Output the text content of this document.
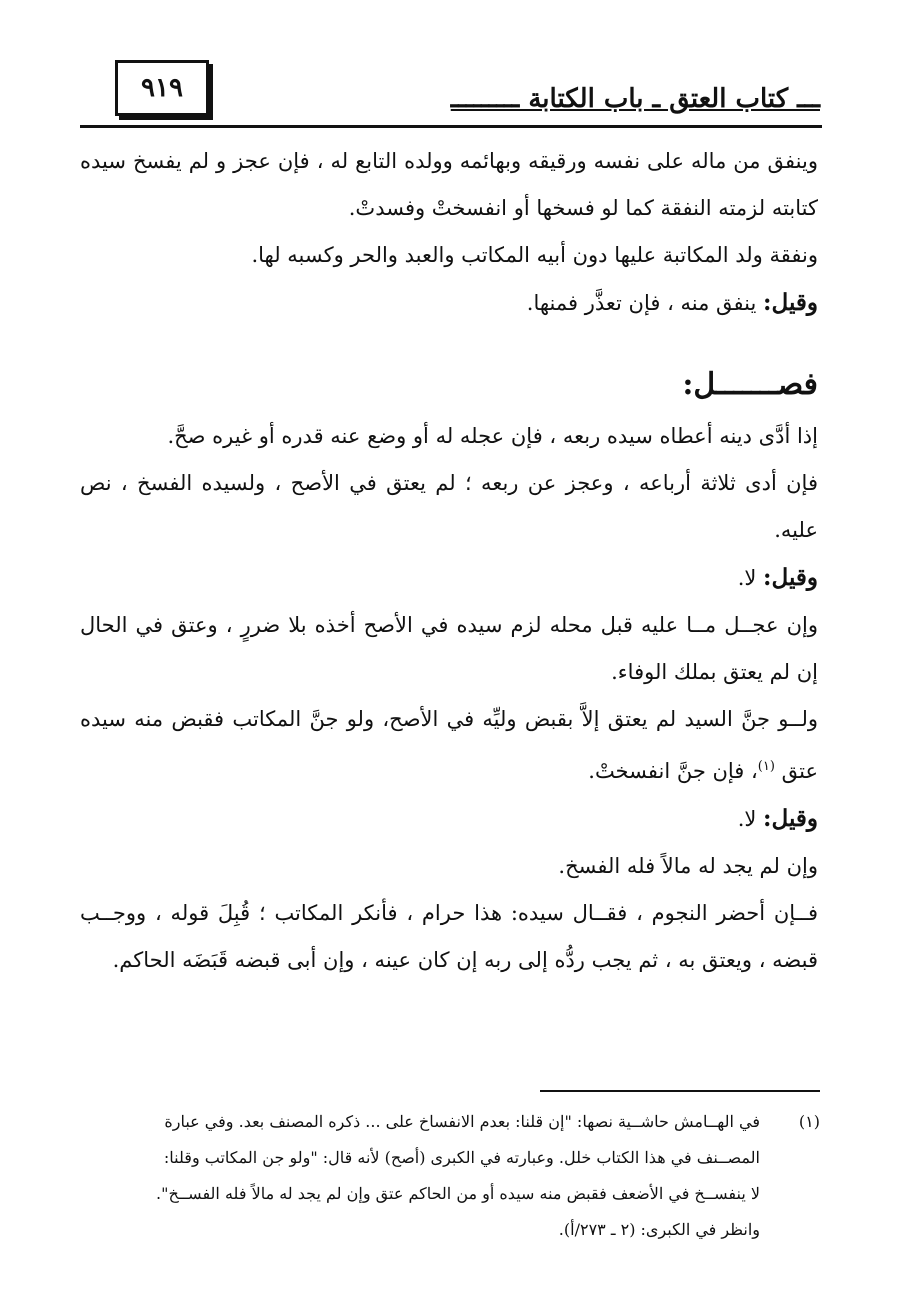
٩١٩	ـــ كتاب العتق ـ باب الكتابة ـــــــــ

وينفق من ماله على نفسه ورقيقه وبهائمه وولده التابع له ، فإن عجز و لم يفسخ سيده كتابته لزمته النفقة كما لو فسخها أو انفسختْ وفسدتْ.

ونفقة ولد المكاتبة عليها دون أبيه المكاتب والعبد والحر وكسبه لها.

وقيل: ينفق منه ، فإن تعذَّر فمنها.

فصـــــــل:

إذا أدَّى دينه أعطاه سيده ربعه ، فإن عجله له أو وضع عنه قدره أو غيره صحَّ.

فإن أدى ثلاثة أرباعه ، وعجز عن ربعه ؛ لم يعتق في الأصح ، ولسيده الفسخ ، نص عليه.

وقيل: لا.

وإن عجــل مــا عليه قبل محله لزم سيده في الأصح أخذه بلا ضررٍ ، وعتق في الحال إن لم يعتق بملك الوفاء.

ولــو جنَّ السيد لم يعتق إلاَّ بقبض وليِّه في الأصح، ولو جنَّ المكاتب فقبض منه سيده عتق $^{(١)}$، فإن جنَّ انفسختْ.

وقيل: لا.

وإن لم يجد له مالاً فله الفسخ.

فــإن أحضر النجوم ، فقــال سيده: هذا حرام ، فأنكر المكاتب ؛ قُبِلَ قوله ، ووجــب قبضه ، ويعتق به ، ثم يجب ردُّه إلى ربه إن كان عينه ، وإن أبى قبضه قَبَضَه الحاكم.

(١)

في الهــامش حاشــية نصها: "إن قلنا: بعدم الانفساخ على ... ذكره المصنف بعد. وفي عبارة

المصــنف في هذا الكتاب خلل. وعبارته في الكبرى (أصح) لأنه قال: "ولو جن المكاتب وقلنا:

لا ينفســخ في الأضعف فقبض منه سيده أو من الحاكم عتق وإن لم يجد له مالاً فله الفســخ".

وانظر في الكبرى: (٢ ـ ٢٧٣/أ).
